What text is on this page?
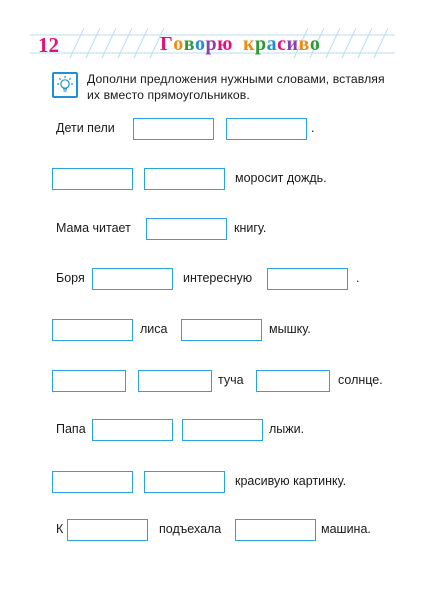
12	Говорю красиво
Дополни предложения нужными словами, вставляя их вместо прямоугольников.
Дети пели	.
моросит дождь.
Мама читает	книгу.
Боря	интересную	.
лиса	мышку.
туча	солнце.
Папа	лыжи.
красивую картинку.
К	подъехала	машина.
